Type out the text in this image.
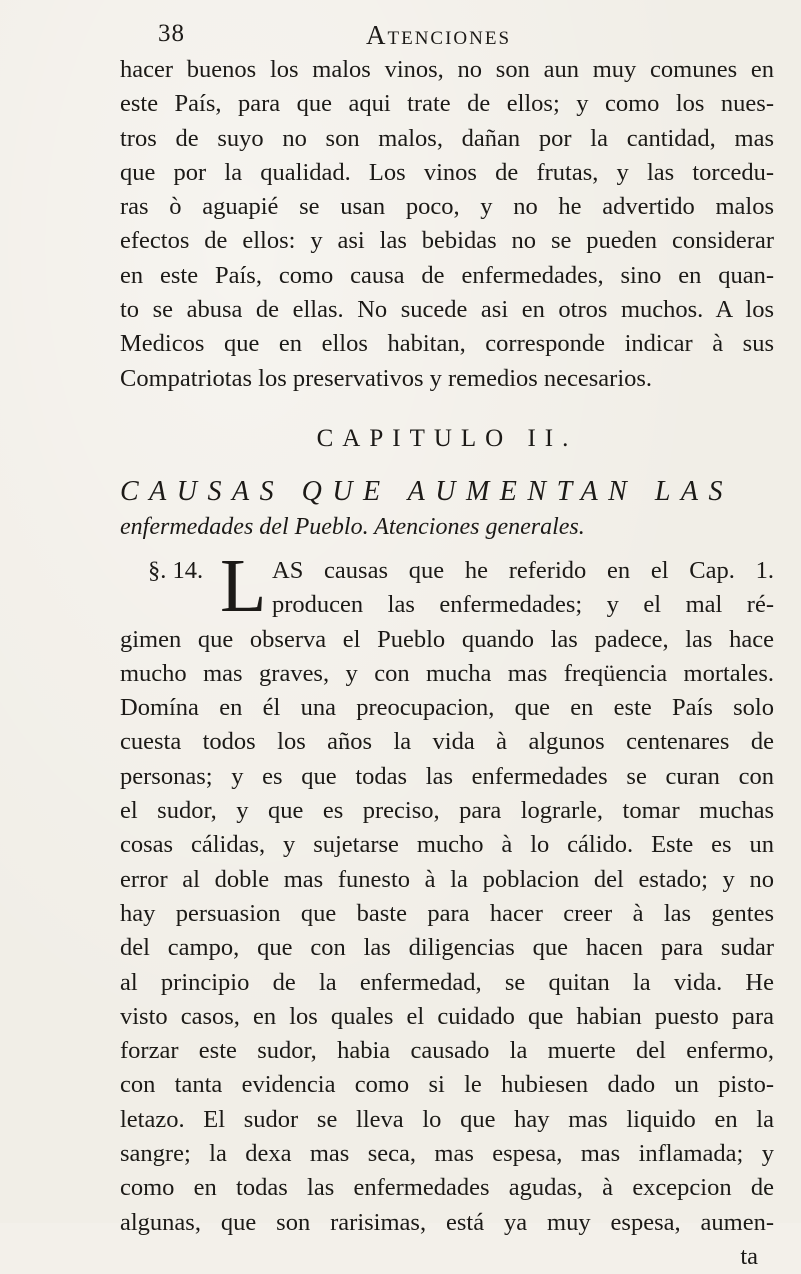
38	Atenciones
hacer buenos los malos vinos, no son aun muy comunes en
este País, para que aqui trate de ellos; y como los nues-
tros de suyo no son malos, dañan por la cantidad, mas
que por la qualidad. Los vinos de frutas, y las torcedu-
ras ò aguapié se usan poco, y no he advertido malos
efectos de ellos: y asi las bebidas no se pueden considerar
en este País, como causa de enfermedades, sino en quan-
to se abusa de ellas. No sucede asi en otros muchos. A los
Medicos que en ellos habitan, corresponde indicar à sus
Compatriotas los preservativos y remedios necesarios.
CAPITULO II.
CAUSAS QUE AUMENTAN LAS
enfermedades del Pueblo. Atenciones generales.
§. 14. L AS causas que he referido en el Cap. 1.
producen las enfermedades; y el mal ré-
gimen que observa el Pueblo quando las padece, las hace
mucho mas graves, y con mucha mas freqüencia mortales.
Domína en él una preocupacion, que en este País solo
cuesta todos los años la vida à algunos centenares de
personas; y es que todas las enfermedades se curan con
el sudor, y que es preciso, para lograrle, tomar muchas
cosas cálidas, y sujetarse mucho à lo cálido. Este es un
error al doble mas funesto à la poblacion del estado; y no
hay persuasion que baste para hacer creer à las gentes
del campo, que con las diligencias que hacen para sudar
al principio de la enfermedad, se quitan la vida. He
visto casos, en los quales el cuidado que habian puesto para
forzar este sudor, habia causado la muerte del enfermo,
con tanta evidencia como si le hubiesen dado un pisto-
letazo. El sudor se lleva lo que hay mas liquido en la
sangre; la dexa mas seca, mas espesa, mas inflamada; y
como en todas las enfermedades agudas, à excepcion de
algunas, que son rarisimas, está ya muy espesa, aumen-
ta
